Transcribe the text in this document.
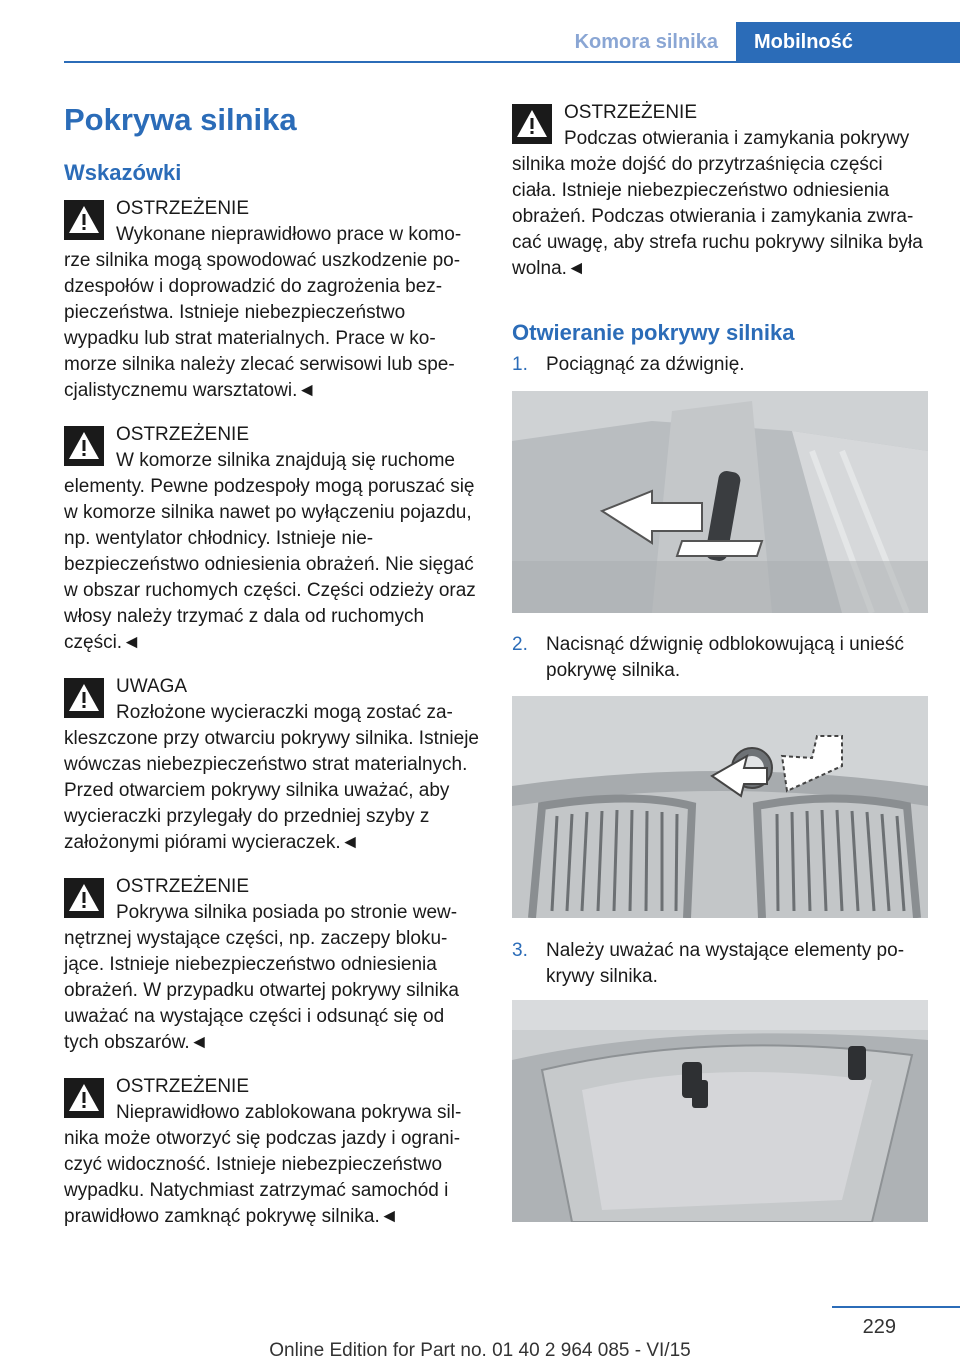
Komora silnika	Mobilność
Pokrywa silnika
Wskazówki
OSTRZEŻENIE
Wykonane nieprawidłowo prace w komo-
rze silnika mogą spowodować uszkodzenie podzespołów i doprowadzić do zagrożenia bezpieczeństwa. Istnieje niebezpieczeństwo wypadku lub strat materialnych. Prace w komorze silnika należy zlecać serwisowi lub specjalistycznemu warsztatowi.◄
OSTRZEŻENIE
W komorze silnika znajdują się ruchome
elementy. Pewne podzespoły mogą poruszać się w komorze silnika nawet po wyłączeniu pojazdu, np. wentylator chłodnicy. Istnieje niebezpieczeństwo odniesienia obrażeń. Nie sięgać w obszar ruchomych części. Części odzieży oraz włosy należy trzymać z dala od ruchomych części.◄
UWAGA
Rozłożone wycieraczki mogą zostać za-
kleszczone przy otwarciu pokrywy silnika. Istnieje wówczas niebezpieczeństwo strat materialnych. Przed otwarciem pokrywy silnika uważać, aby wycieraczki przylegały do przedniej szyby z założonymi piórami wycieraczek.◄
OSTRZEŻENIE
Pokrywa silnika posiada po stronie wew-
nętrznej wystające części, np. zaczepy blokujące. Istnieje niebezpieczeństwo odniesienia obrażeń. W przypadku otwartej pokrywy silnika uważać na wystające części i odsunąć się od tych obszarów.◄
OSTRZEŻENIE
Nieprawidłowo zablokowana pokrywa sil-
nika może otworzyć się podczas jazdy i ograniczyć widoczność. Istnieje niebezpieczeństwo wypadku. Natychmiast zatrzymać samochód i prawidłowo zamknąć pokrywę silnika.◄
OSTRZEŻENIE
Podczas otwierania i zamykania pokrywy
silnika może dojść do przytrzaśnięcia części ciała. Istnieje niebezpieczeństwo odniesienia obrażeń. Podczas otwierania i zamykania zwracać uwagę, aby strefa ruchu pokrywy silnika była wolna.◄
Otwieranie pokrywy silnika
1. Pociągnąć za dźwignię.
2. Nacisnąć dźwignię odblokowującą i unieść pokrywę silnika.
3. Należy uważać na wystające elementy pokrywy silnika.
229
Online Edition for Part no. 01 40 2 964 085 - VI/15
